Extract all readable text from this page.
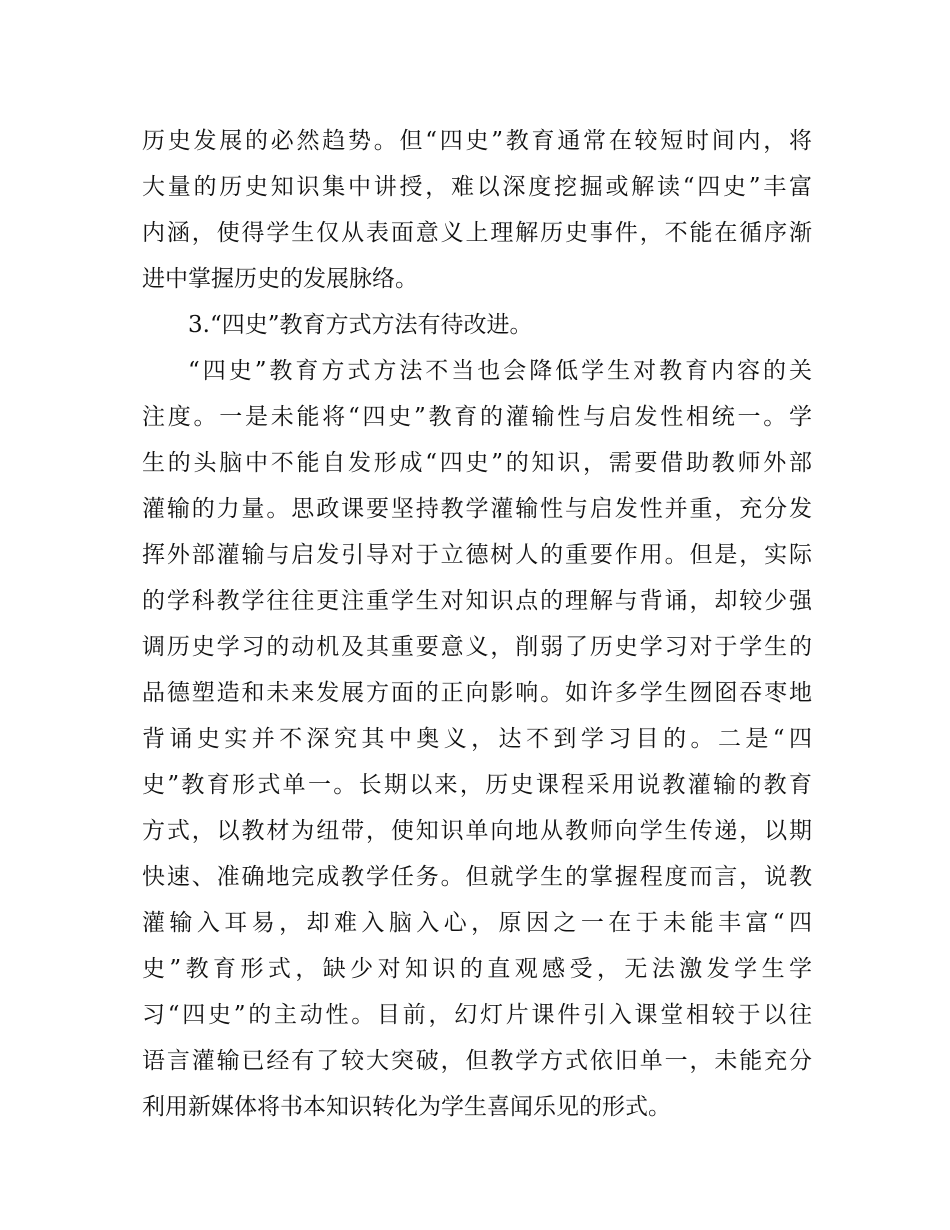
历史发展的必然趋势。但“四史”教育通常在较短时间内，将
大量的历史知识集中讲授，难以深度挖掘或解读“四史”丰富
内涵，使得学生仅从表面意义上理解历史事件，不能在循序渐
进中掌握历史的发展脉络。
3.“四史”教育方式方法有待改进。
“四史”教育方式方法不当也会降低学生对教育内容的关
注度。一是未能将“四史”教育的灌输性与启发性相统一。学
生的头脑中不能自发形成“四史”的知识，需要借助教师外部
灌输的力量。思政课要坚持教学灌输性与启发性并重，充分发
挥外部灌输与启发引导对于立德树人的重要作用。但是，实际
的学科教学往往更注重学生对知识点的理解与背诵，却较少强
调历史学习的动机及其重要意义，削弱了历史学习对于学生的
品德塑造和未来发展方面的正向影响。如许多学生囫囵吞枣地
背诵史实并不深究其中奥义，达不到学习目的。二是“四
史”教育形式单一。长期以来，历史课程采用说教灌输的教育
方式，以教材为纽带，使知识单向地从教师向学生传递，以期
快速、准确地完成教学任务。但就学生的掌握程度而言，说教
灌输入耳易，却难入脑入心，原因之一在于未能丰富“四
史”教育形式，缺少对知识的直观感受，无法激发学生学
习“四史”的主动性。目前，幻灯片课件引入课堂相较于以往
语言灌输已经有了较大突破，但教学方式依旧单一，未能充分
利用新媒体将书本知识转化为学生喜闻乐见的形式。
